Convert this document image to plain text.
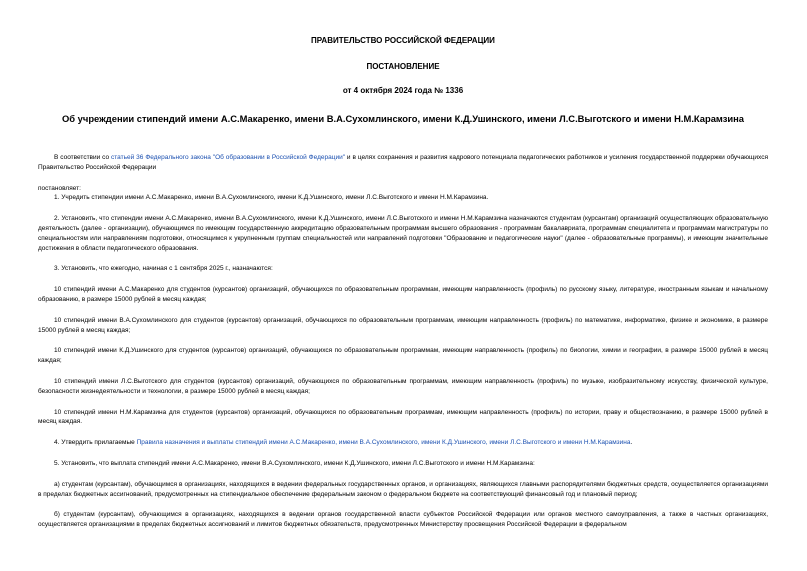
ПРАВИТЕЛЬСТВО РОССИЙСКОЙ ФЕДЕРАЦИИ

ПОСТАНОВЛЕНИЕ

от 4 октября 2024 года № 1336

Об учреждении стипендий имени А.С.Макаренко, имени В.А.Сухомлинского, имени К.Д.Ушинского, имени Л.С.Выготского и имени Н.М.Карамзина

В соответствии со статьей 36 Федерального закона "Об образовании в Российской Федерации" и в целях сохранения и развития кадрового потенциала педагогических работников и усиления государственной поддержки обучающихся Правительство Российской Федерации

постановляет:

1. Учредить стипендии имени А.С.Макаренко, имени В.А.Сухомлинского, имени К.Д.Ушинского, имени Л.С.Выготского и имени Н.М.Карамзина.

2. Установить, что стипендии имени А.С.Макаренко, имени В.А.Сухомлинского, имени К.Д.Ушинского, имени Л.С.Выготского и имени Н.М.Карамзина назначаются студентам (курсантам) организаций осуществляющих образовательную деятельность (далее - организации), обучающимся по имеющим государственную аккредитацию образовательным программам высшего образования - программам бакалавриата, программам специалитета и программам магистратуры по специальностям или направлениям подготовки, относящимся к укрупненным группам специальностей или направлений подготовки "Образование и педагогические науки" (далее - образовательные программы), и имеющим значительные достижения в области педагогического образования.

3. Установить, что ежегодно, начиная с 1 сентября 2025 г., назначаются:

10 стипендий имени А.С.Макаренко для студентов (курсантов) организаций, обучающихся по образовательным программам, имеющим направленность (профиль) по русскому языку, литературе, иностранным языкам и начальному образованию, в размере 15000 рублей в месяц каждая;

10 стипендий имени В.А.Сухомлинского для студентов (курсантов) организаций, обучающихся по образовательным программам, имеющим направленность (профиль) по математике, информатике, физике и экономике, в размере 15000 рублей в месяц каждая;

10 стипендий имени К.Д.Ушинского для студентов (курсантов) организаций, обучающихся по образовательным программам, имеющим направленность (профиль) по биологии, химии и географии, в размере 15000 рублей в месяц каждая;

10 стипендий имени Л.С.Выготского для студентов (курсантов) организаций, обучающихся по образовательным программам, имеющим направленность (профиль) по музыке, изобразительному искусству, физической культуре, безопасности жизнедеятельности и технологии, в размере 15000 рублей в месяц каждая;

10 стипендий имени Н.М.Карамзина для студентов (курсантов) организаций, обучающихся по образовательным программам, имеющим направленность (профиль) по истории, праву и обществознанию, в размере 15000 рублей в месяц каждая.

4. Утвердить прилагаемые Правила назначения и выплаты стипендий имени А.С.Макаренко, имени В.А.Сухомлинского, имени К.Д.Ушинского, имени Л.С.Выготского и имени Н.М.Карамзина.

5. Установить, что выплата стипендий имени А.С.Макаренко, имени В.А.Сухомлинского, имени К.Д.Ушинского, имени Л.С.Выготского и имени Н.М.Карамзина:

а) студентам (курсантам), обучающимся в организациях, находящихся в ведении федеральных государственных органов, и организациях, являющихся главными распорядителями бюджетных средств, осуществляется организациями в пределах бюджетных ассигнований, предусмотренных на стипендиальное обеспечение федеральным законом о федеральном бюджете на соответствующий финансовый год и плановый период;

б) студентам (курсантам), обучающимся в организациях, находящихся в ведении органов государственной власти субъектов Российской Федерации или органов местного самоуправления, а также в частных организациях, осуществляется организациями в пределах бюджетных ассигнований и лимитов бюджетных обязательств, предусмотренных Министерству просвещения Российской Федерации в федеральном
